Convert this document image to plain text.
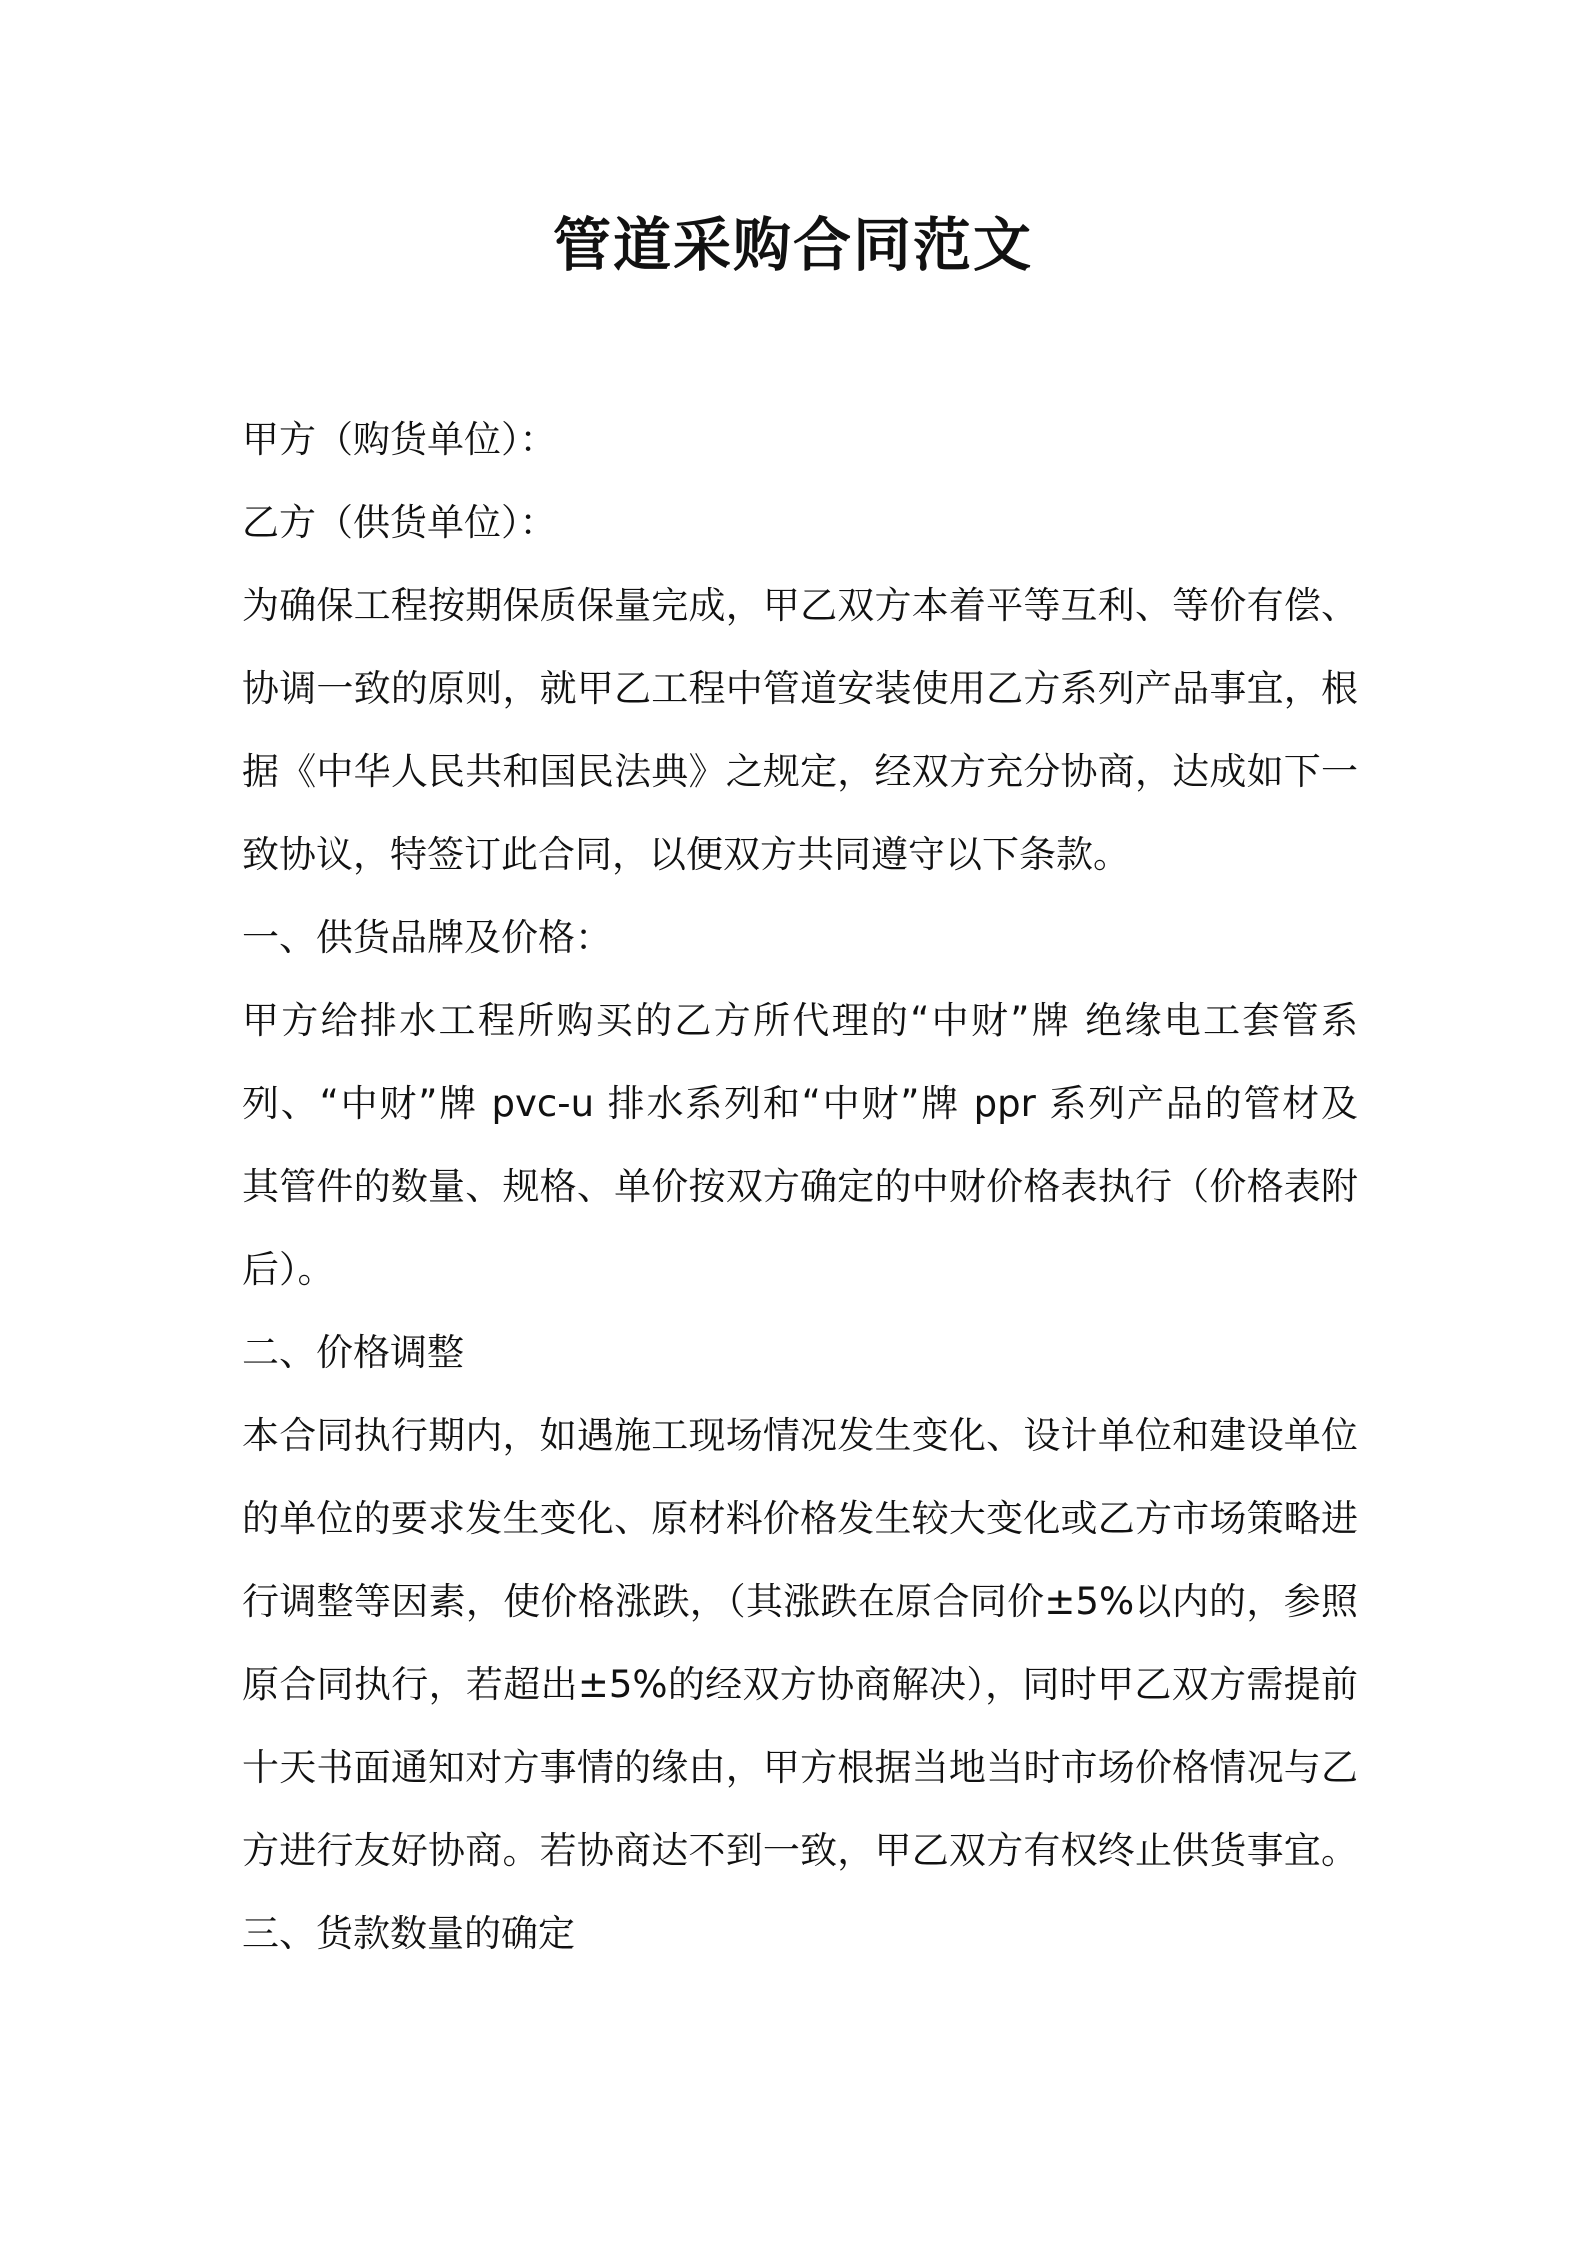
管道采购合同范文
甲方（购货单位）：
乙方（供货单位）：
为确保工程按期保质保量完成，甲乙双方本着平等互利、等价有偿、
协调一致的原则，就甲乙工程中管道安装使用乙方系列产品事宜，根
据《中华人民共和国民法典》之规定，经双方充分协商，达成如下一
致协议，特签订此合同，以便双方共同遵守以下条款。
一、供货品牌及价格：
甲方给排水工程所购买的乙方所代理的“中财”牌 绝缘电工套管系
列、“中财”牌 pvc-u 排水系列和“中财”牌 ppr 系列产品的管材及
其管件的数量、规格、单价按双方确定的中财价格表执行（价格表附
后）。
二、价格调整
本合同执行期内，如遇施工现场情况发生变化、设计单位和建设单位
的单位的要求发生变化、原材料价格发生较大变化或乙方市场策略进
行调整等因素，使价格涨跌，（其涨跌在原合同价±5%以内的，参照
原合同执行，若超出±5%的经双方协商解决），同时甲乙双方需提前
十天书面通知对方事情的缘由，甲方根据当地当时市场价格情况与乙
方进行友好协商。若协商达不到一致，甲乙双方有权终止供货事宜。
三、货款数量的确定
